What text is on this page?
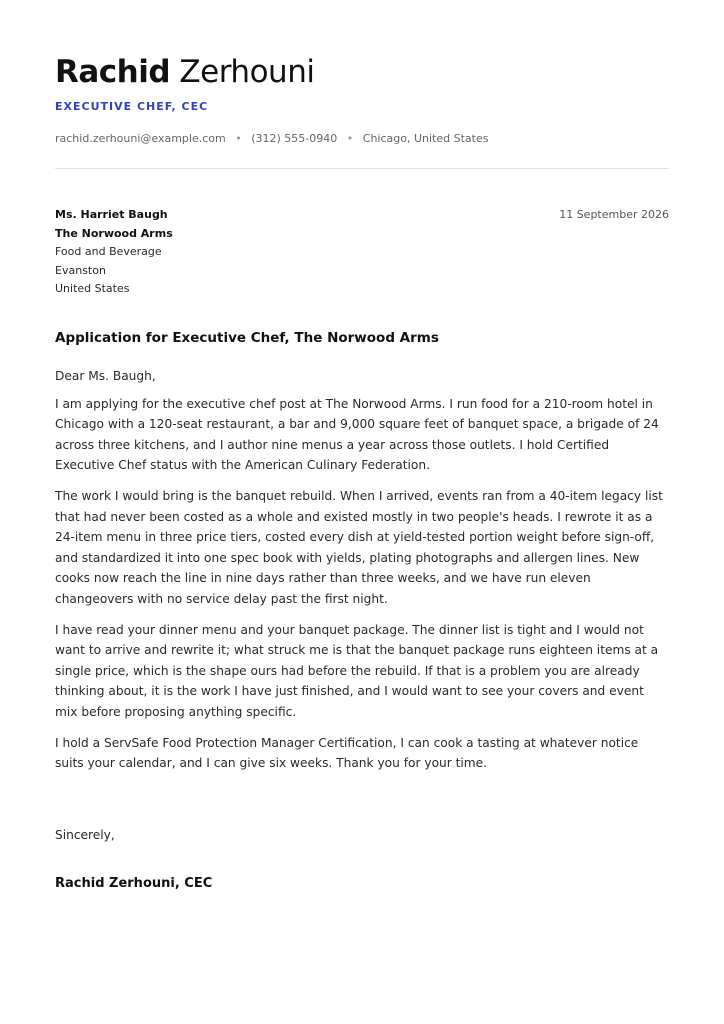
Rachid Zerhouni
EXECUTIVE CHEF, CEC
rachid.zerhouni@example.com • (312) 555-0940 • Chicago, United States
Ms. Harriet Baugh
The Norwood Arms
Food and Beverage
Evanston
United States
11 September 2026
Application for Executive Chef, The Norwood Arms

Dear Ms. Baugh,

I am applying for the executive chef post at The Norwood Arms. I run food for a 210-room hotel in Chicago with a 120-seat restaurant, a bar and 9,000 square feet of banquet space, a brigade of 24 across three kitchens, and I author nine menus a year across those outlets. I hold Certified Executive Chef status with the American Culinary Federation.

The work I would bring is the banquet rebuild. When I arrived, events ran from a 40-item legacy list that had never been costed as a whole and existed mostly in two people's heads. I rewrote it as a 24-item menu in three price tiers, costed every dish at yield-tested portion weight before sign-off, and standardized it into one spec book with yields, plating photographs and allergen lines. New cooks now reach the line in nine days rather than three weeks, and we have run eleven changeovers with no service delay past the first night.

I have read your dinner menu and your banquet package. The dinner list is tight and I would not want to arrive and rewrite it; what struck me is that the banquet package runs eighteen items at a single price, which is the shape ours had before the rebuild. If that is a problem you are already thinking about, it is the work I have just finished, and I would want to see your covers and event mix before proposing anything specific.

I hold a ServSafe Food Protection Manager Certification, I can cook a tasting at whatever notice suits your calendar, and I can give six weeks. Thank you for your time.

Sincerely,
Rachid Zerhouni, CEC
